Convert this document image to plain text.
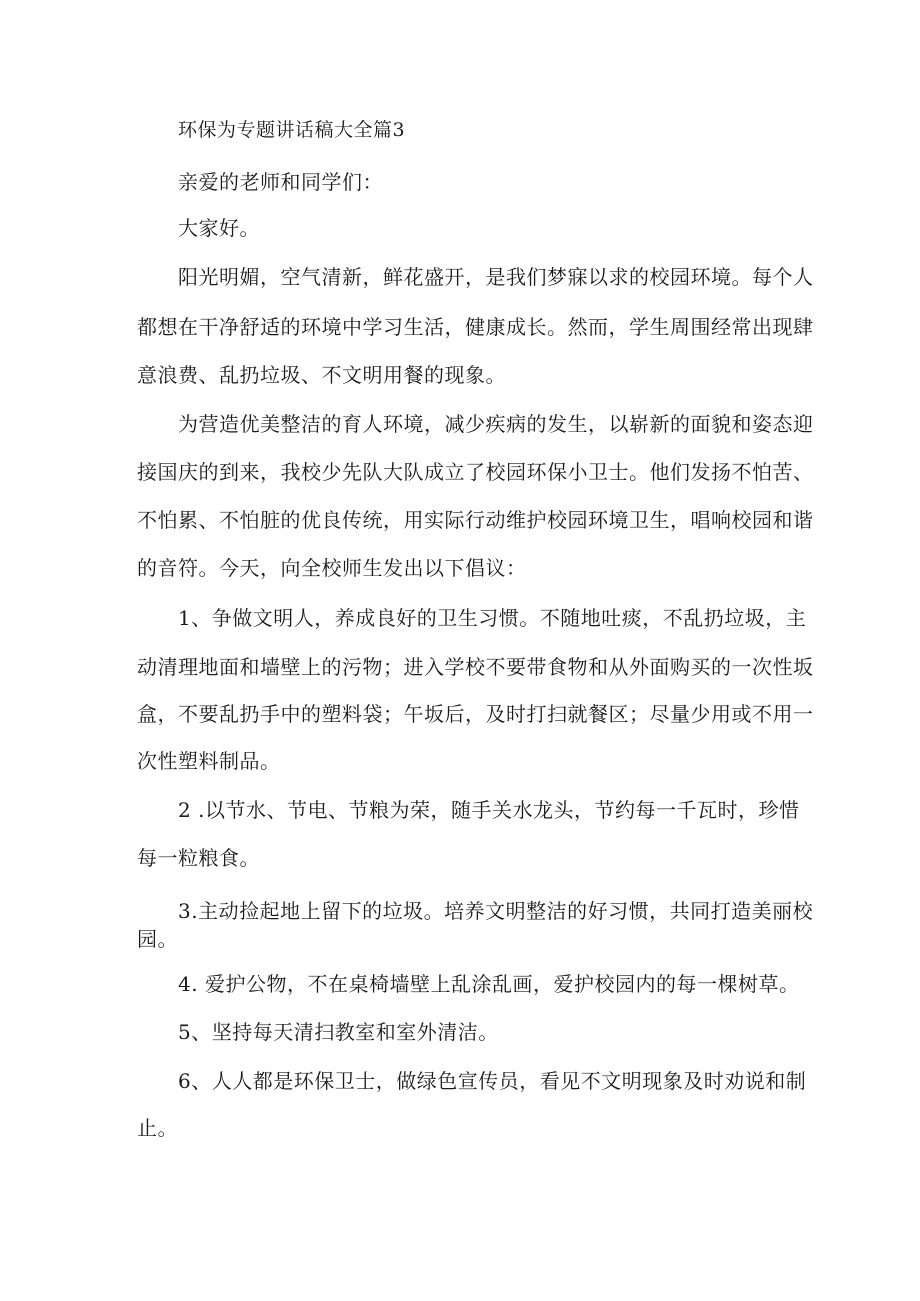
环保为专题讲话稿大全篇3
亲爱的老师和同学们：
大家好。
阳光明媚，空气清新，鲜花盛开，是我们梦寐以求的校园环境。每个人
都想在干净舒适的环境中学习生活，健康成长。然而，学生周围经常出现肆
意浪费、乱扔垃圾、不文明用餐的现象。
为营造优美整洁的育人环境，减少疾病的发生，以崭新的面貌和姿态迎
接国庆的到来，我校少先队大队成立了校园环保小卫士。他们发扬不怕苦、
不怕累、不怕脏的优良传统，用实际行动维护校园环境卫生，唱响校园和谐
的音符。今天，向全校师生发出以下倡议：
1、争做文明人，养成良好的卫生习惯。不随地吐痰，不乱扔垃圾，主
动清理地面和墙壁上的污物；进入学校不要带食物和从外面购买的一次性坂
盒，不要乱扔手中的塑料袋；午坂后，及时打扫就餐区；尽量少用或不用一
次性塑料制品。
2 .以节水、节电、节粮为荣，随手关水龙头，节约每一千瓦时，珍惜
每一粒粮食。
3.主动捡起地上留下的垃圾。培养文明整洁的好习惯，共同打造美丽校
园。
4. 爱护公物，不在桌椅墙壁上乱涂乱画，爱护校园内的每一棵树草。
5、坚持每天清扫教室和室外清洁。
6、人人都是环保卫士，做绿色宣传员，看见不文明现象及时劝说和制
止。
